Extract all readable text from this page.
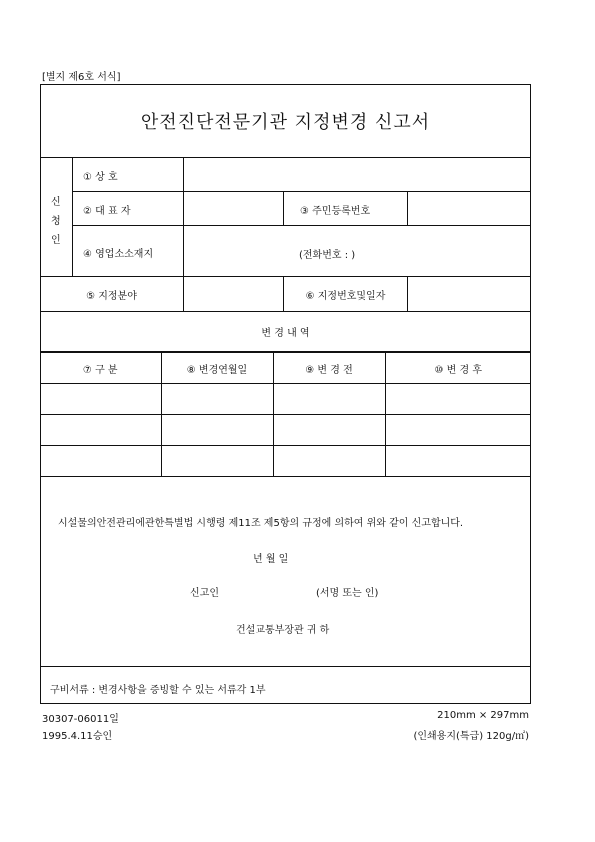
[별지 제6호 서식]
안전진단전문기관 지정변경 신고서
신
청
인
① 상 호
② 대 표 자	③ 주민등록번호
④ 영업소소재지	(전화번호 : )
⑤ 지정분야	⑥ 지정번호및일자
변 경 내 역
⑦ 구 분	⑧ 변경연월일	⑨ 변 경 전	⑩ 변 경 후

시설물의안전관리에관한특별법 시행령 제11조 제5항의 규정에 의하여 위와 같이 신고합니다.
년 월 일
신고인	(서명 또는 인)
건설교통부장관 귀 하
구비서류 : 변경사항을 증빙할 수 있는 서류각 1부
30307-06011일
1995.4.11승인
210mm × 297mm
(인쇄용지(특급) 120g/㎡)
